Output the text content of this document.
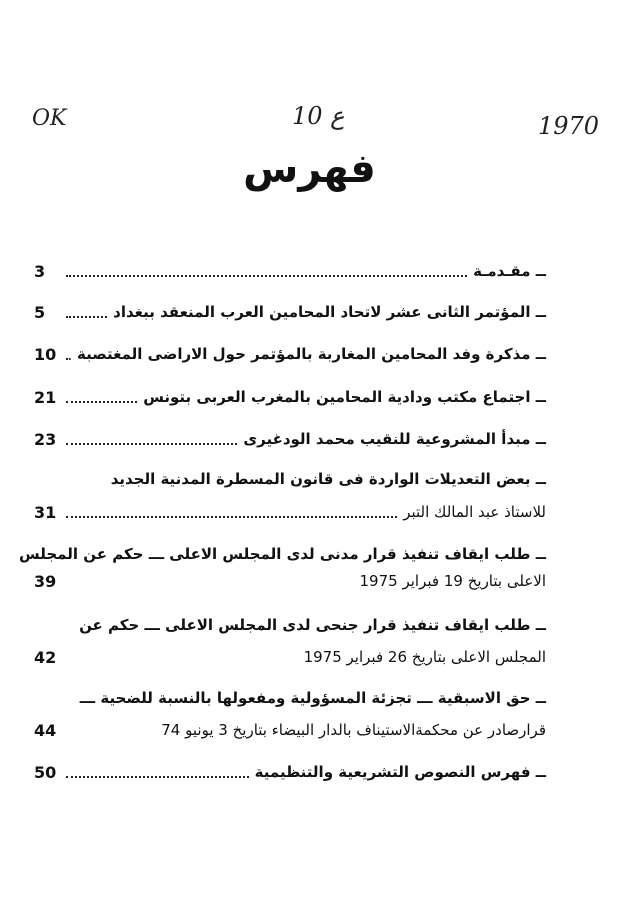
OK	ع 10	1970
فهرس
ــ مقـدمـة
3
ــ المؤتمر الثانى عشر لاتحاد المحامين العرب المنعقد ببغداد
5
ــ مذكرة وفد المحامين المغاربة بالمؤتمر حول الاراضى المغتصبة
10
ــ اجتماع مكتب ودادية المحامين بالمغرب العربى بتونس
21
ــ مبدأ المشروعية للنقيب محمد الودغيرى
23
ــ بعض التعديلات الواردة فى قانون المسطرة المدنية الجديد
للاستاذ عبد المالك التبر
31
ــ طلب ايقاف تنفيذ قرار مدنى لدى المجلس الاعلى ـــ حكم عن المجلس
الاعلى بتاريخ 19 فبراير 1975
39
ــ طلب ايقاف تنفيذ قرار جنحى لدى المجلس الاعلى ـــ حكم عن
المجلس الاعلى بتاريخ 26 فبراير 1975
42
ــ حق الاسبقية ـــ تجزئة المسؤولية ومفعولها بالنسبة للضحية ـــ
قرارصادر عن محكمةالاستيناف بالدار البيضاء بتاريخ 3 يونيو 74
44
ــ فهرس النصوص التشريعية والتنظيمية
50
